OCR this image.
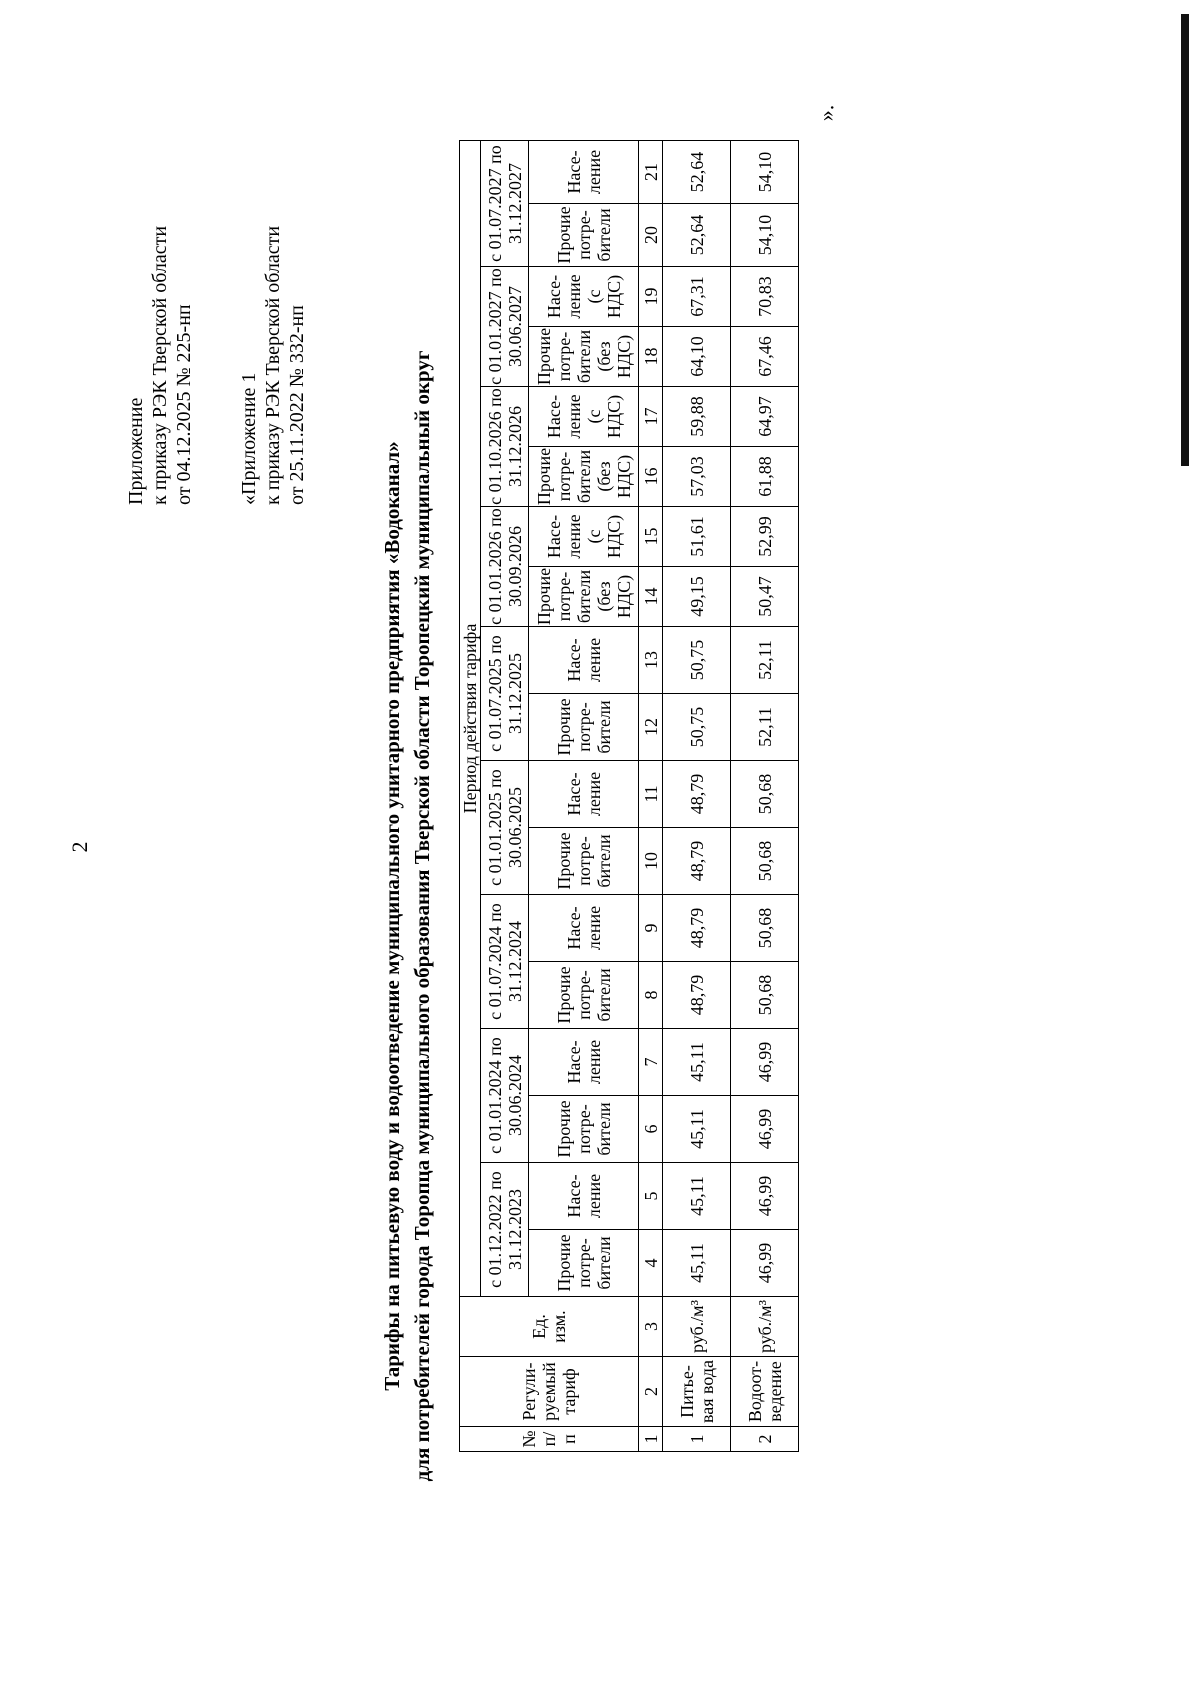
2
».
Приложение к приказу РЭК Тверской области от 04.12.2025 № 225-нп «Приложение 1 к приказу РЭК Тверской области от 25.11.2022 № 332-нп
Тарифы на питьевую воду и водоотведение муниципального унитарного предприятия «Водоканал» для потребителей города Торопца муниципального образования Тверской области Торопецкий муниципальный округ	№ п/п	Регули-руемый тариф	Ед. изм.	Период действия тарифа																	
			с 01.12.2022 по 31.12.2023		с 01.01.2024 по 30.06.2024		с 01.07.2024 по 31.12.2024		с 01.01.2025 по 30.06.2025		с 01.07.2025 по 31.12.2025		с 01.01.2026 по 30.09.2026		с 01.10.2026 по 31.12.2026		с 01.01.2027 по 30.06.2027		с 01.07.2027 по 31.12.2027	
			Прочие потре-бители	Насе-ление	Прочие потре-бители	Насе-ление	Прочие потре-бители	Насе-ление	Прочие потре-бители	Насе-ление	Прочие потре-бители	Насе-ление	Прочие потре-бители (без НДС)	Насе-ление (с НДС)	Прочие потре-бители (без НДС)	Насе-ление (с НДС)	Прочие потре-бители (без НДС)	Насе-ление (с НДС)	Прочие потре-бители	Насе-ление
1	2	3	4	5	6	7	8	9	10	11	12	13	14	15	16	17	18	19	20	21
1	Питье-вая вода	руб./м³	45,11	45,11	45,11	45,11	48,79	48,79	48,79	48,79	50,75	50,75	49,15	51,61	57,03	59,88	64,10	67,31	52,64	52,64
2	Водоот-ведение	руб./м³	46,99	46,99	46,99	46,99	50,68	50,68	50,68	50,68	52,11	52,11	50,47	52,99	61,88	64,97	67,46	70,83	54,10	54,10
